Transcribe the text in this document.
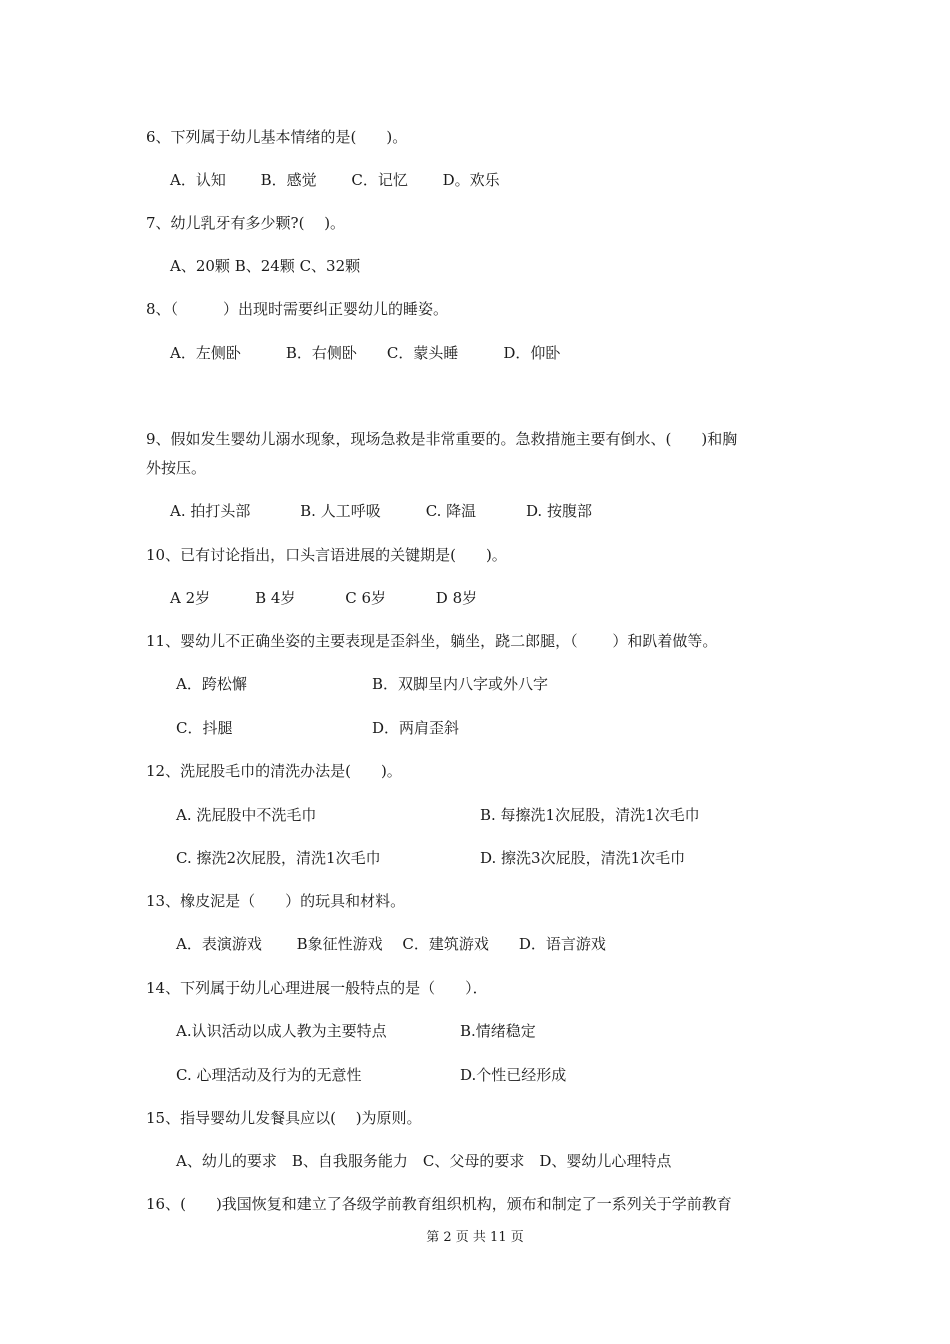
6、下列属于幼儿基本情绪的是(　　)。
A．认知　　 B．感觉　　 C．记忆　　 D。欢乐
7、幼儿乳牙有多少颗?(　 )。
A、20颗 B、24颗 C、32颗
8、（　　　）出现时需要纠正婴幼儿的睡姿。
A．左侧卧　　　B．右侧卧　　C．蒙头睡　　　D．仰卧
9、假如发生婴幼儿溺水现象，现场急救是非常重要的。急救措施主要有倒水、(　　)和胸
外按压。
A. 拍打头部　　　 B. 人工呼吸　　　C. 降温　　　 D. 按腹部
10、已有讨论指出，口头言语进展的关键期是(　　)。
A 2岁　　　B 4岁　　　 C 6岁　　　 D 8岁
11、婴幼儿不正确坐姿的主要表现是歪斜坐，躺坐，跷二郎腿，（　　 ）和趴着做等。
A．跨松懈	B．双脚呈内八字或外八字
C．抖腿	D．两肩歪斜
12、洗屁股毛巾的清洗办法是(　　)。
A. 洗屁股中不洗毛巾	B. 每擦洗1次屁股，清洗1次毛巾
C. 擦洗2次屁股，清洗1次毛巾	D. 擦洗3次屁股，清洗1次毛巾
13、橡皮泥是（　　）的玩具和材料。
A．表演游戏　　 B象征性游戏　 C．建筑游戏　　D．语言游戏
14、下列属于幼儿心理进展一般特点的是（　　）．
A.认识活动以成人教为主要特点	B.情绪稳定
C. 心理活动及行为的无意性	D.个性已经形成
15、指导婴幼儿发餐具应以(　 )为原则。
A、幼儿的要求　B、自我服务能力　C、父母的要求　D、婴幼儿心理特点
16、(　　)我国恢复和建立了各级学前教育组织机构，颁布和制定了一系列关于学前教育
第 2 页 共 11 页
